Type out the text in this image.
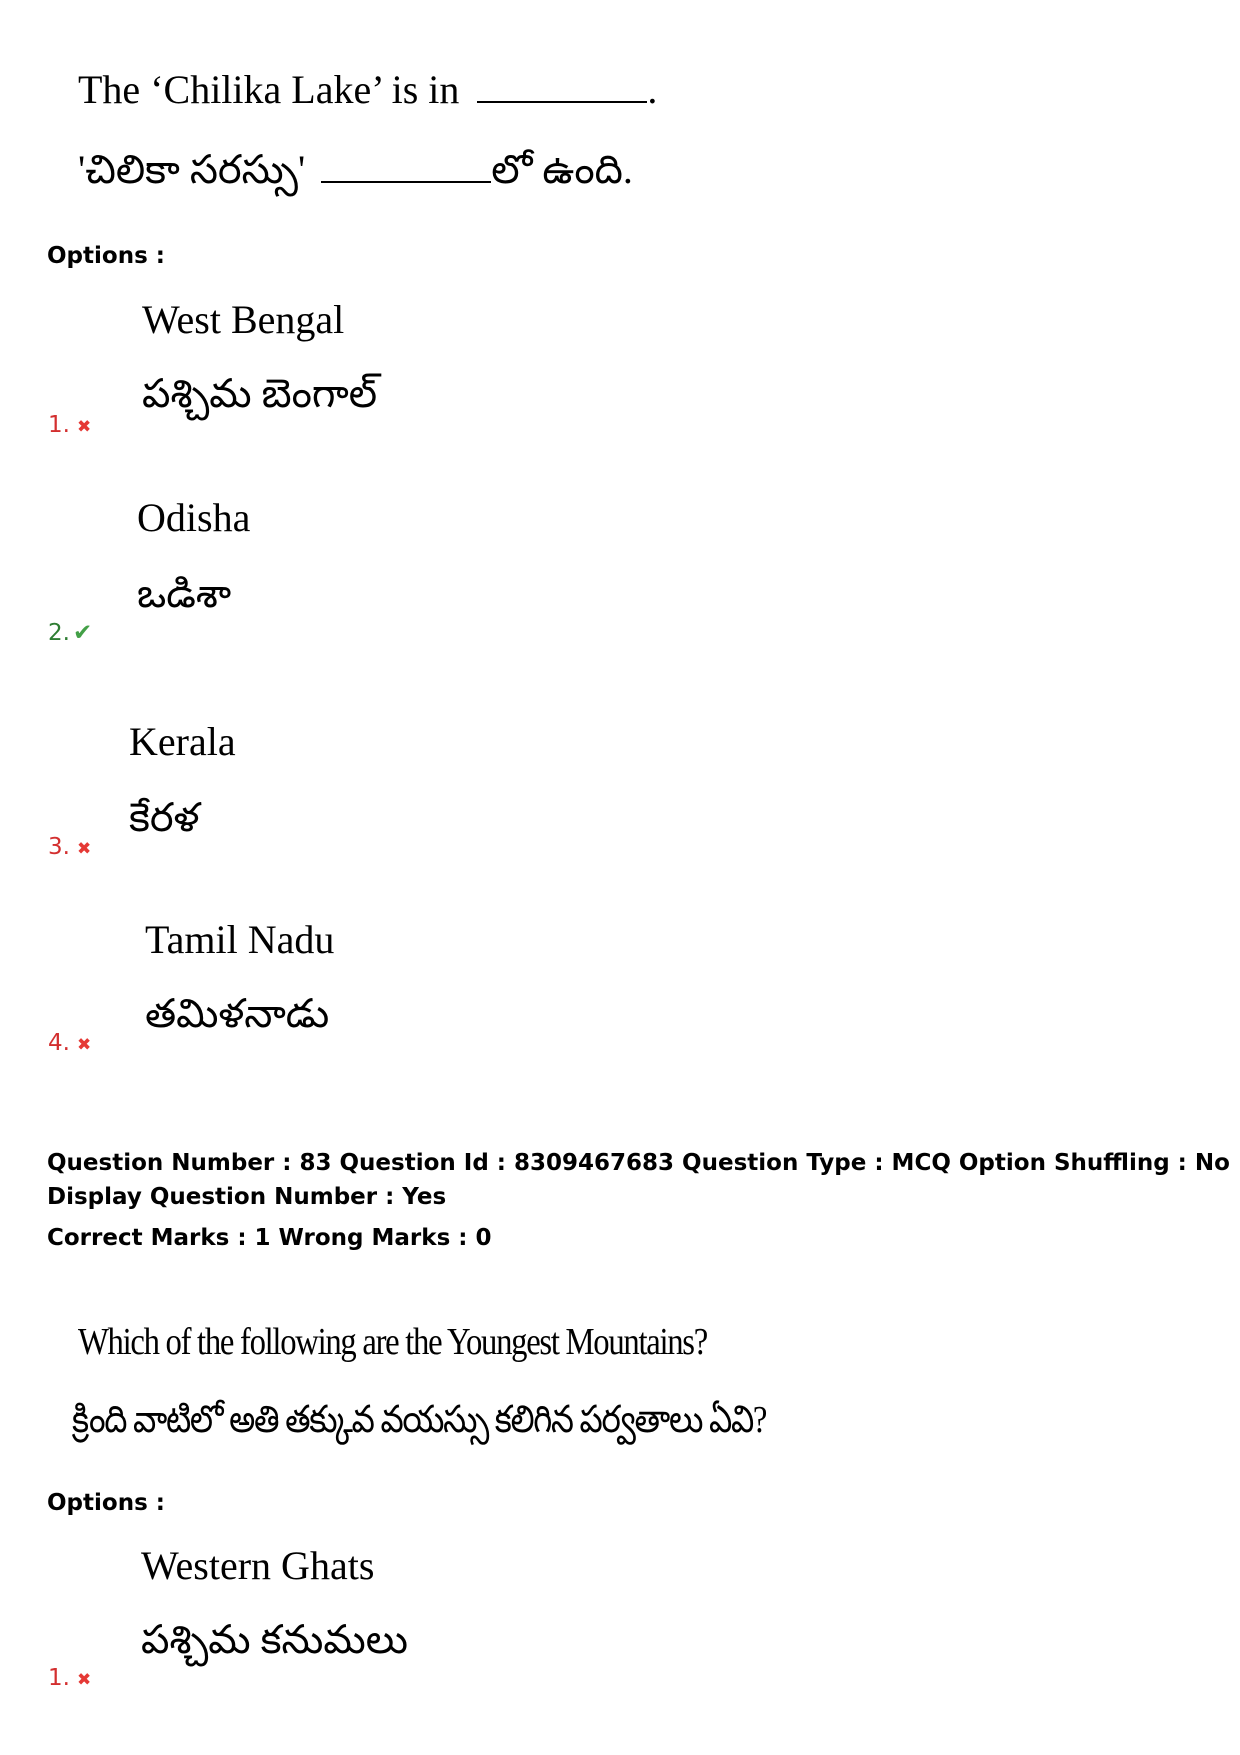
The ‘Chilika Lake’ is in	.
'చిలికా సరస్సు'	లో ఉంది.
Options :
West Bengal
పశ్చిమ బెంగాల్
1. ✖
Odisha
ఒడిశా
2. ✔
Kerala
కేరళ
3. ✖
Tamil Nadu
తమిళనాడు
4. ✖
Question Number : 83 Question Id : 8309467683 Question Type : MCQ Option Shuffling : No
Display Question Number : Yes
Correct Marks : 1 Wrong Marks : 0
Which of the following are the Youngest Mountains?
క్రింది వాటిలో అతి తక్కువ వయస్సు కలిగిన పర్వతాలు ఏవి?
Options :
Western Ghats
పశ్చిమ కనుమలు
1. ✖
